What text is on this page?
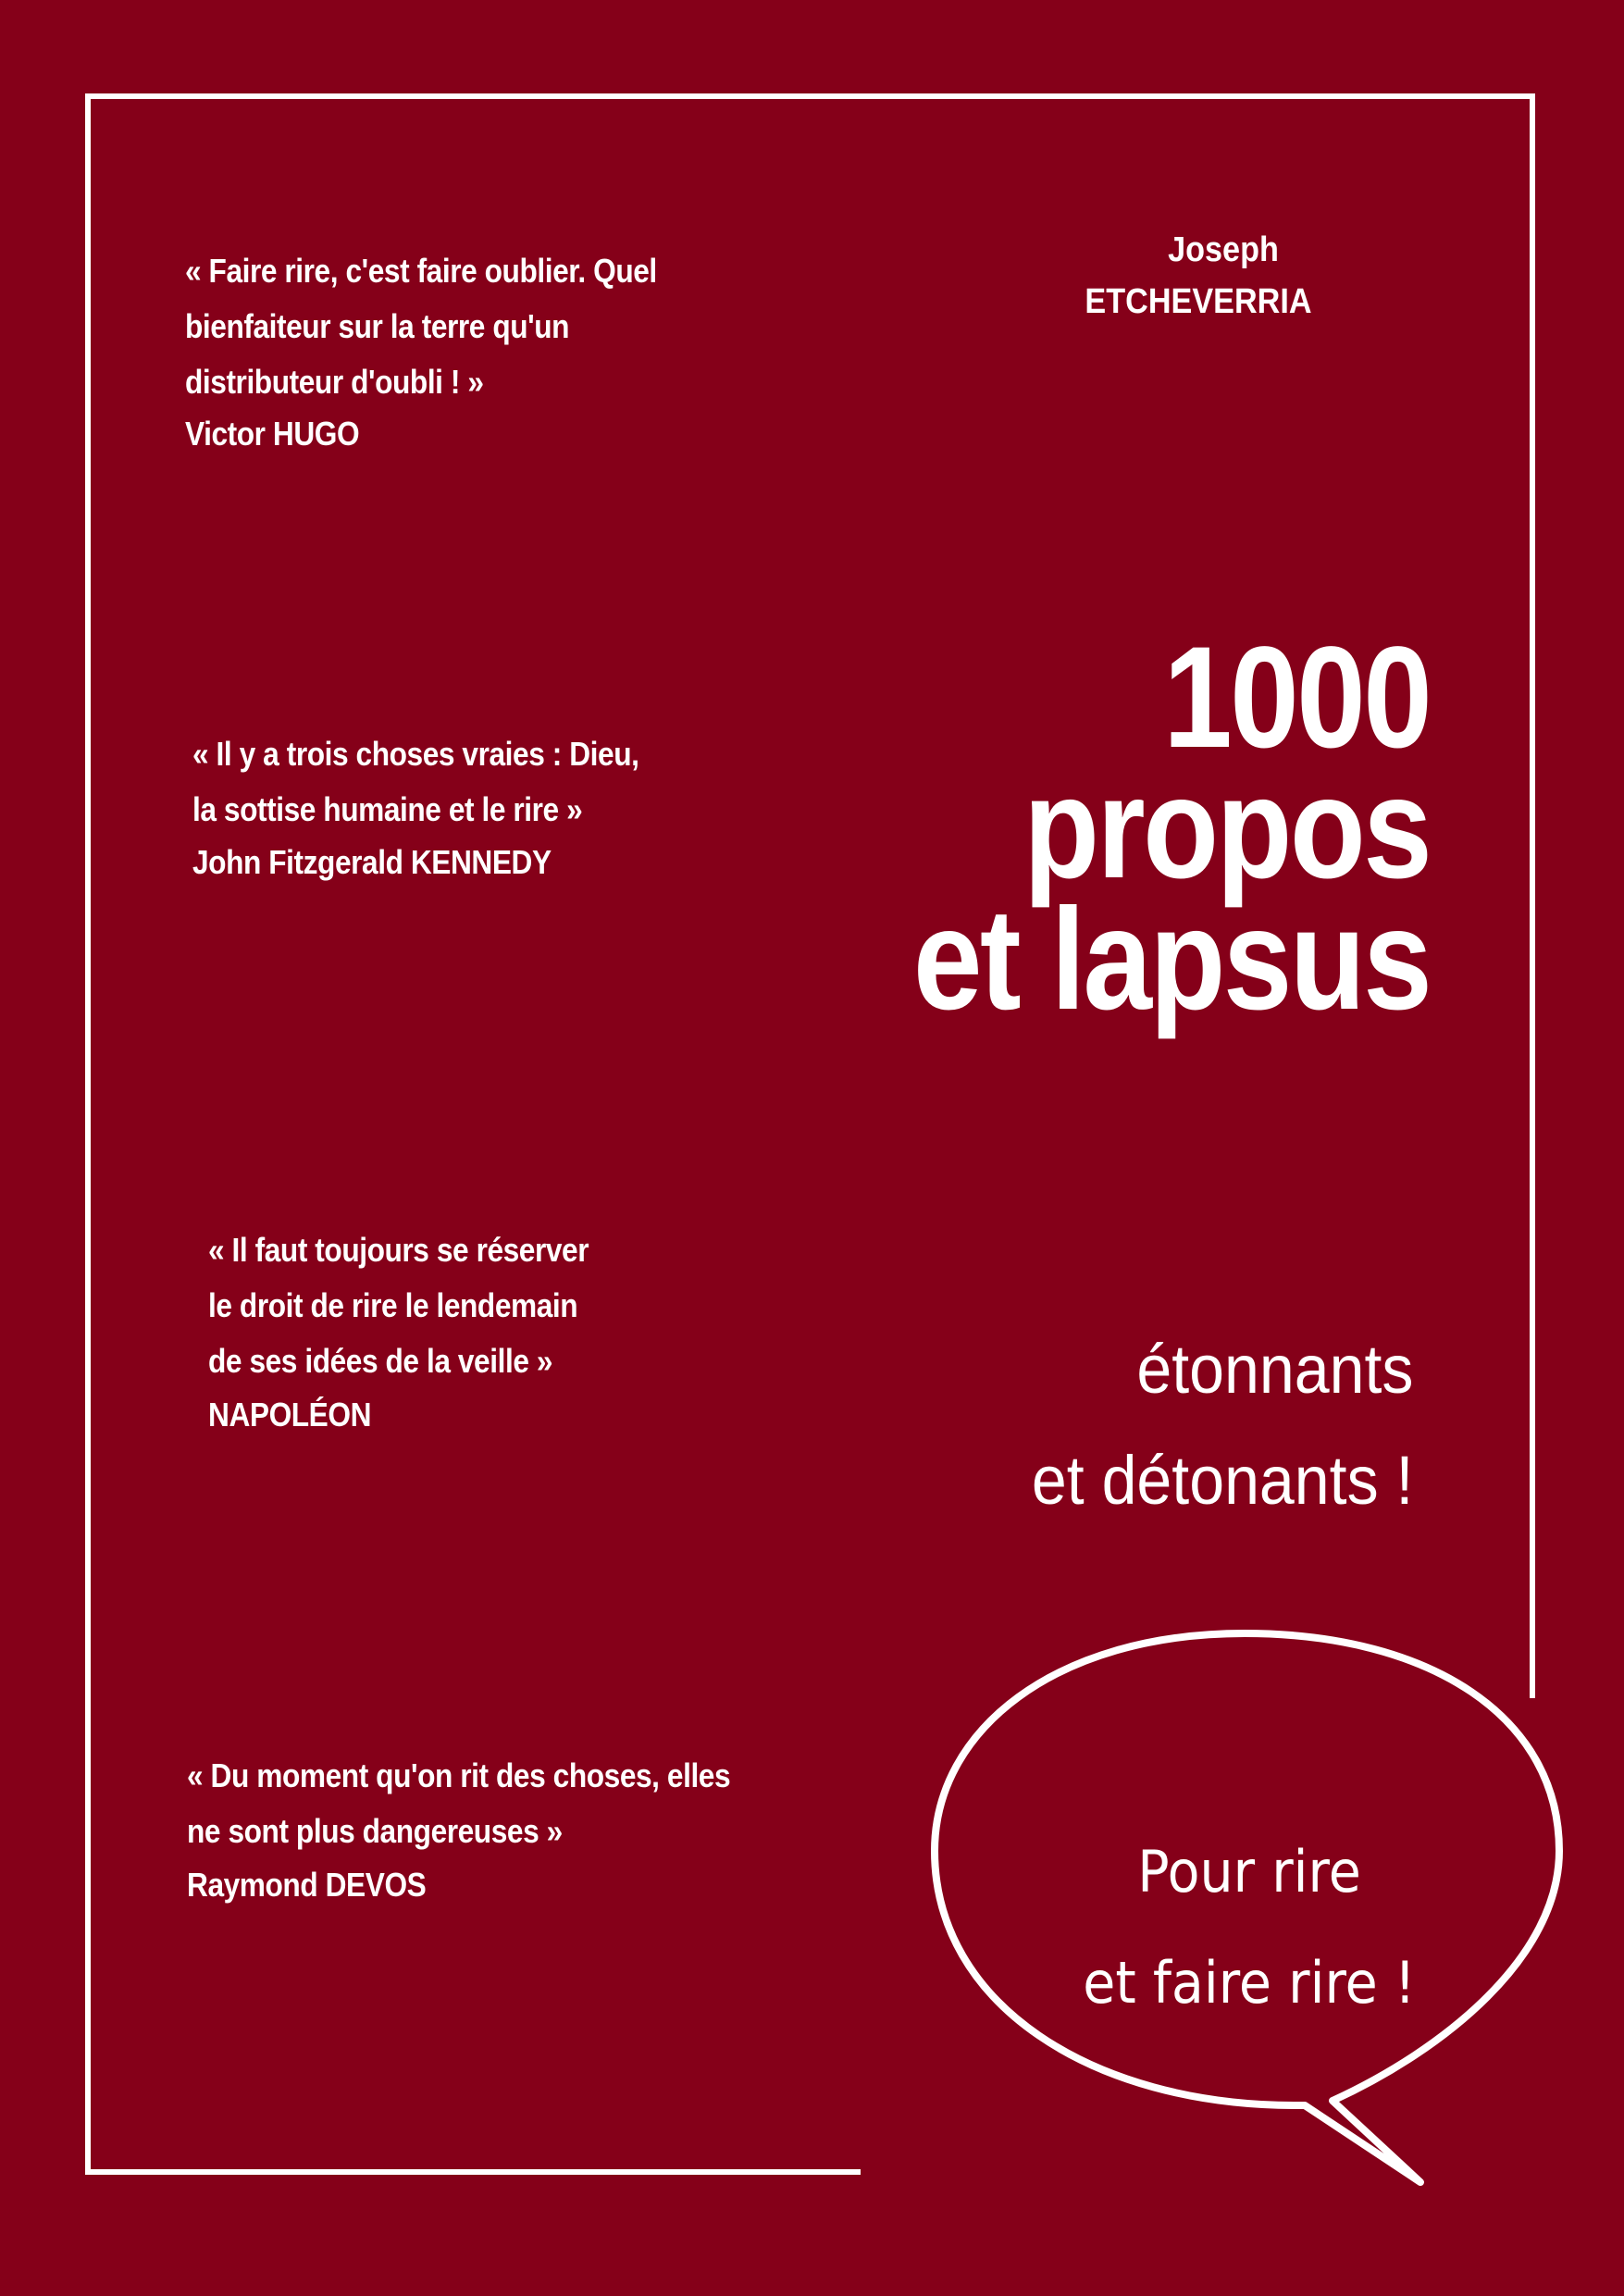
Joseph
ETCHEVERRIA
« Faire rire, c'est faire oublier. Quel
bienfaiteur sur la terre qu'un
distributeur d'oubli ! »
Victor HUGO
« Il y a trois choses vraies : Dieu,
la sottise humaine et le rire »
John Fitzgerald KENNEDY
« Il faut toujours se réserver
le droit de rire le lendemain
de ses idées de la veille »
NAPOLÉON
« Du moment qu'on rit des choses, elles
ne sont plus dangereuses »
Raymond DEVOS
1000
propos
et lapsus
étonnants
et détonants !
Pour rire
et faire rire !
